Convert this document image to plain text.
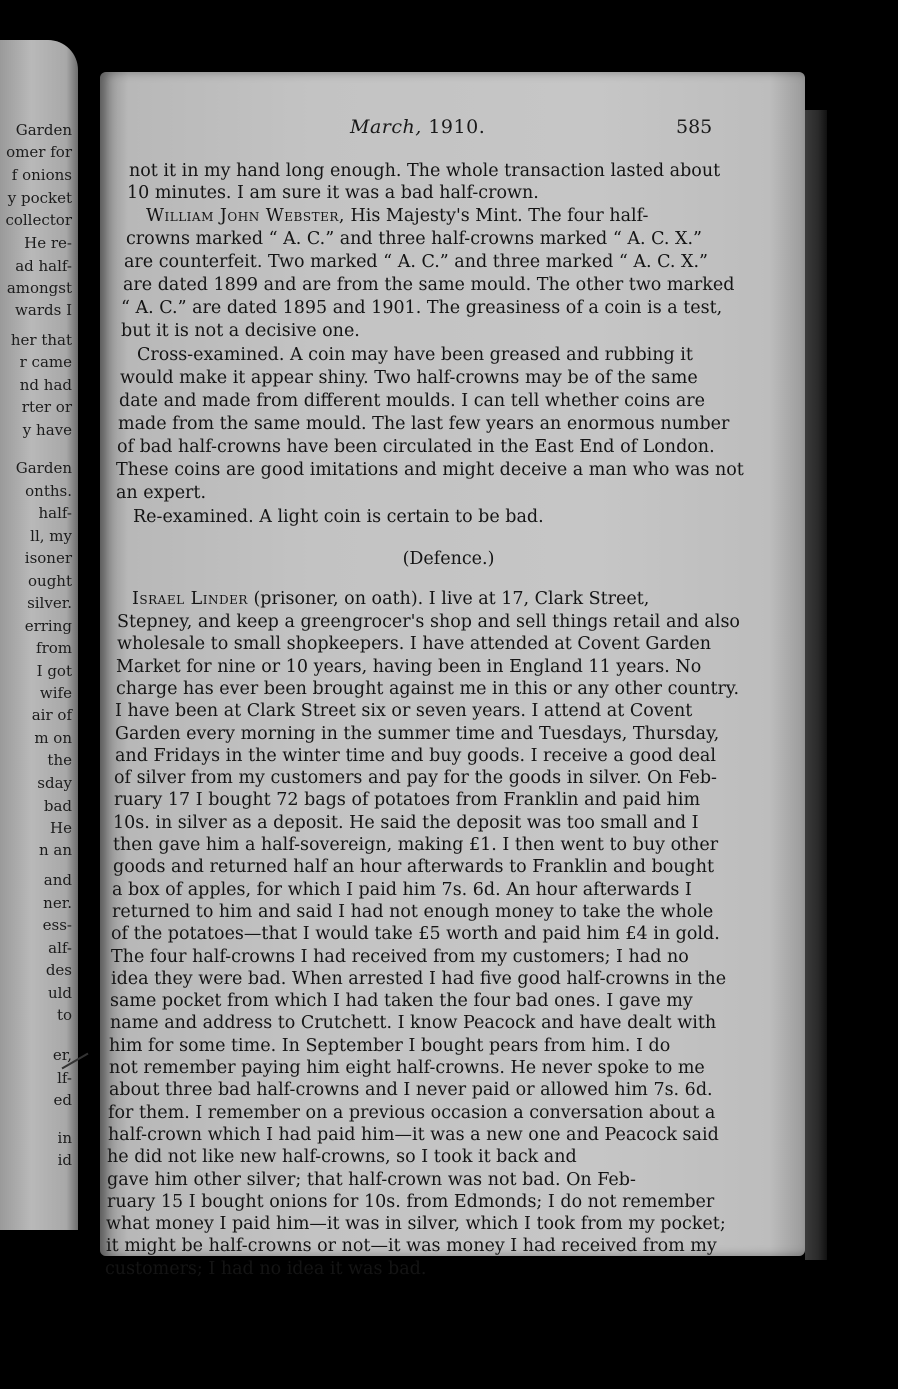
Garden
omer for
f onions
y pocket
collector
He re-
ad half-
amongst
wards I
her that
r came
nd had
rter or
y have
Garden
onths.
half-
ll, my
isoner
ought
silver.
erring
from
I got
wife
air of
m on
the
sday
bad
He
n an
and
ner.
ess-
alf-
des
uld
to
er,
lf-
ed
in
id
March, 1910.	585
not it in my hand long enough. The whole transaction lasted about
10 minutes. I am sure it was a bad half-crown.
William John Webster, His Majesty's Mint. The four half-
crowns marked “ A. C.” and three half-crowns marked “ A. C. X.”
are counterfeit. Two marked “ A. C.” and three marked “ A. C. X.”
are dated 1899 and are from the same mould. The other two marked
“ A. C.” are dated 1895 and 1901. The greasiness of a coin is a test,
but it is not a decisive one.
Cross-examined. A coin may have been greased and rubbing it
would make it appear shiny. Two half-crowns may be of the same
date and made from different moulds. I can tell whether coins are
made from the same mould. The last few years an enormous number
of bad half-crowns have been circulated in the East End of London.
These coins are good imitations and might deceive a man who was not
an expert.
Re-examined. A light coin is certain to be bad.
(Defence.)
Israel Linder (prisoner, on oath). I live at 17, Clark Street,
Stepney, and keep a greengrocer's shop and sell things retail and also
wholesale to small shopkeepers. I have attended at Covent Garden
Market for nine or 10 years, having been in England 11 years. No
charge has ever been brought against me in this or any other country.
I have been at Clark Street six or seven years. I attend at Covent
Garden every morning in the summer time and Tuesdays, Thursday,
and Fridays in the winter time and buy goods. I receive a good deal
of silver from my customers and pay for the goods in silver. On Feb-
ruary 17 I bought 72 bags of potatoes from Franklin and paid him
10s. in silver as a deposit. He said the deposit was too small and I
then gave him a half-sovereign, making £1. I then went to buy other
goods and returned half an hour afterwards to Franklin and bought
a box of apples, for which I paid him 7s. 6d. An hour afterwards I
returned to him and said I had not enough money to take the whole
of the potatoes—that I would take £5 worth and paid him £4 in gold.
The four half-crowns I had received from my customers; I had no
idea they were bad. When arrested I had five good half-crowns in the
same pocket from which I had taken the four bad ones. I gave my
name and address to Crutchett. I know Peacock and have dealt with
him for some time. In September I bought pears from him. I do
not remember paying him eight half-crowns. He never spoke to me
about three bad half-crowns and I never paid or allowed him 7s. 6d.
for them. I remember on a previous occasion a conversation about a
half-crown which I had paid him—it was a new one and Peacock said
he did not like new half-crowns, so I took it back and
gave him other silver; that half-crown was not bad. On Feb-
ruary 15 I bought onions for 10s. from Edmonds; I do not remember
what money I paid him—it was in silver, which I took from my pocket;
it might be half-crowns or not—it was money I had received from my
customers; I had no idea it was bad.
